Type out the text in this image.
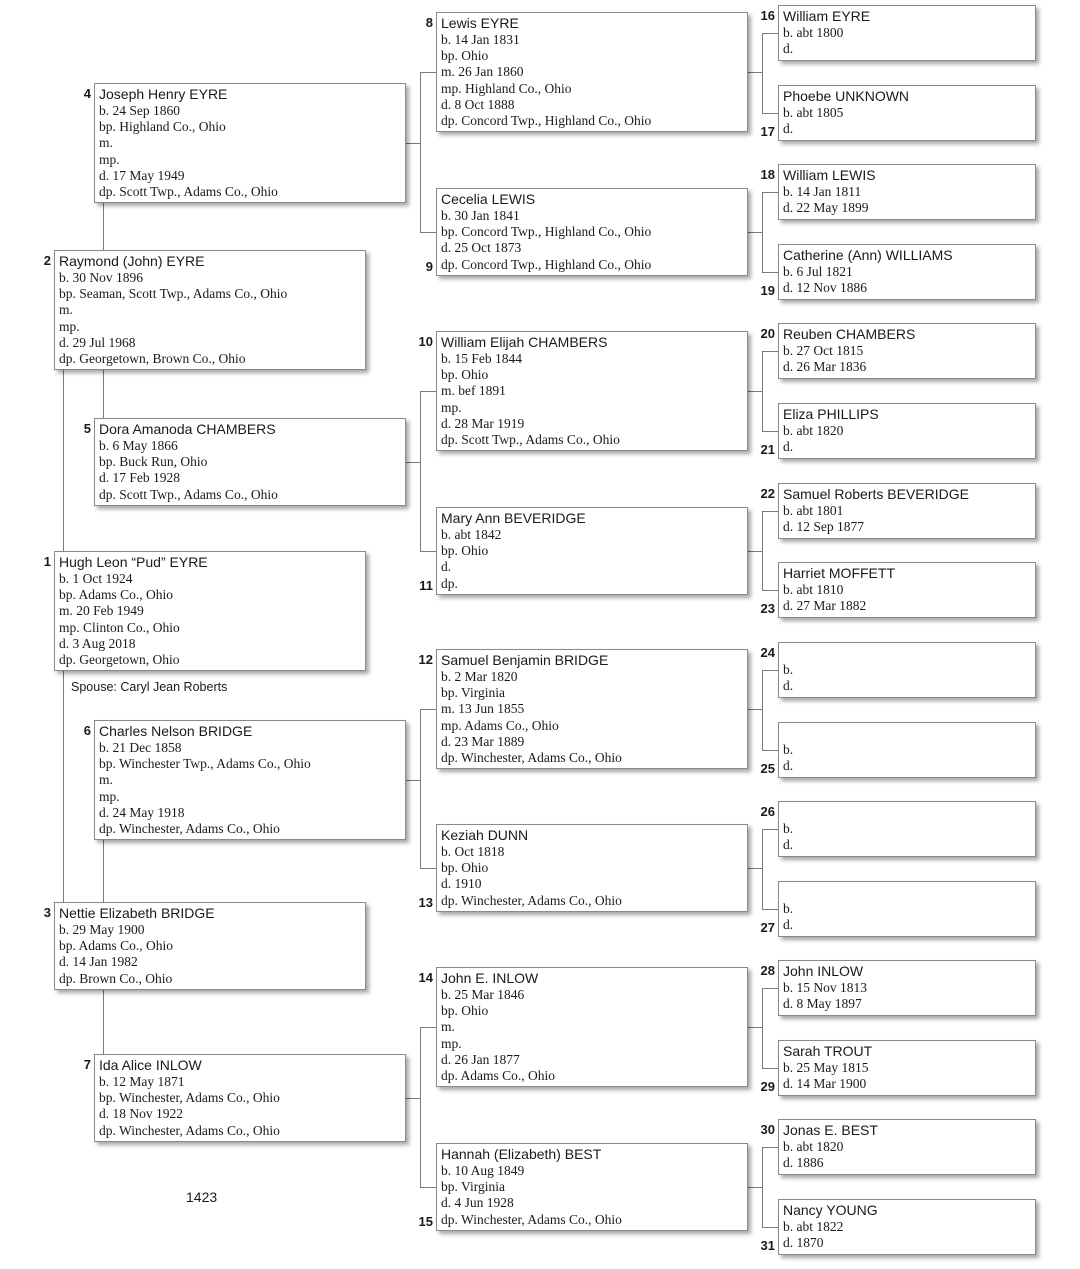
Hugh Leon “Pud” EYRE
b. 1 Oct 1924
bp. Adams Co., Ohio
m. 20 Feb 1949
mp. Clinton Co., Ohio
d. 3 Aug 2018
dp. Georgetown, Ohio
1
Raymond (John) EYRE
b. 30 Nov 1896
bp. Seaman, Scott Twp., Adams Co., Ohio
m.
mp.
d. 29 Jul 1968
dp. Georgetown, Brown Co., Ohio
2
Nettie Elizabeth BRIDGE
b. 29 May 1900
bp. Adams Co., Ohio
d. 14 Jan 1982
dp. Brown Co., Ohio
3
Joseph Henry EYRE
b. 24 Sep 1860
bp. Highland Co., Ohio
m.
mp.
d. 17 May 1949
dp. Scott Twp., Adams Co., Ohio
4
Dora Amanoda CHAMBERS
b. 6 May 1866
bp. Buck Run, Ohio
d. 17 Feb 1928
dp. Scott Twp., Adams Co., Ohio
5
Charles Nelson BRIDGE
b. 21 Dec 1858
bp. Winchester Twp., Adams Co., Ohio
m.
mp.
d. 24 May 1918
dp. Winchester, Adams Co., Ohio
6
Ida Alice INLOW
b. 12 May 1871
bp. Winchester, Adams Co., Ohio
d. 18 Nov 1922
dp. Winchester, Adams Co., Ohio
7
Lewis EYRE
b. 14 Jan 1831
bp. Ohio
m. 26 Jan 1860
mp. Highland Co., Ohio
d. 8 Oct 1888
dp. Concord Twp., Highland Co., Ohio
8
Cecelia LEWIS
b. 30 Jan 1841
bp. Concord Twp., Highland Co., Ohio
d. 25 Oct 1873
dp. Concord Twp., Highland Co., Ohio
9
William Elijah CHAMBERS
b. 15 Feb 1844
bp. Ohio
m. bef 1891
mp.
d. 28 Mar 1919
dp. Scott Twp., Adams Co., Ohio
10
Mary Ann BEVERIDGE
b. abt 1842
bp. Ohio
d.
dp.
11
Samuel Benjamin BRIDGE
b. 2 Mar 1820
bp. Virginia
m. 13 Jun 1855
mp. Adams Co., Ohio
d. 23 Mar 1889
dp. Winchester, Adams Co., Ohio
12
Keziah DUNN
b. Oct 1818
bp. Ohio
d. 1910
dp. Winchester, Adams Co., Ohio
13
John E. INLOW
b. 25 Mar 1846
bp. Ohio
m.
mp.
d. 26 Jan 1877
dp. Adams Co., Ohio
14
Hannah (Elizabeth) BEST
b. 10 Aug 1849
bp. Virginia
d. 4 Jun 1928
dp. Winchester, Adams Co., Ohio
15
William EYRE
b. abt 1800
d.
16
Phoebe UNKNOWN
b. abt 1805
d.
17
William LEWIS
b. 14 Jan 1811
d. 22 May 1899
18
Catherine (Ann) WILLIAMS
b. 6 Jul 1821
d. 12 Nov 1886
19
Reuben CHAMBERS
b. 27 Oct 1815
d. 26 Mar 1836
20
Eliza PHILLIPS
b. abt 1820
d.
21
Samuel Roberts BEVERIDGE
b. abt 1801
d. 12 Sep 1877
22
Harriet MOFFETT
b. abt 1810
d. 27 Mar 1882
23

b.
d.
24

b.
d.
25

b.
d.
26

b.
d.
27
John INLOW
b. 15 Nov 1813
d. 8 May 1897
28
Sarah TROUT
b. 25 May 1815
d. 14 Mar 1900
29
Jonas E. BEST
b. abt 1820
d. 1886
30
Nancy YOUNG
b. abt 1822
d. 1870
31
Spouse: Caryl Jean Roberts
1423
